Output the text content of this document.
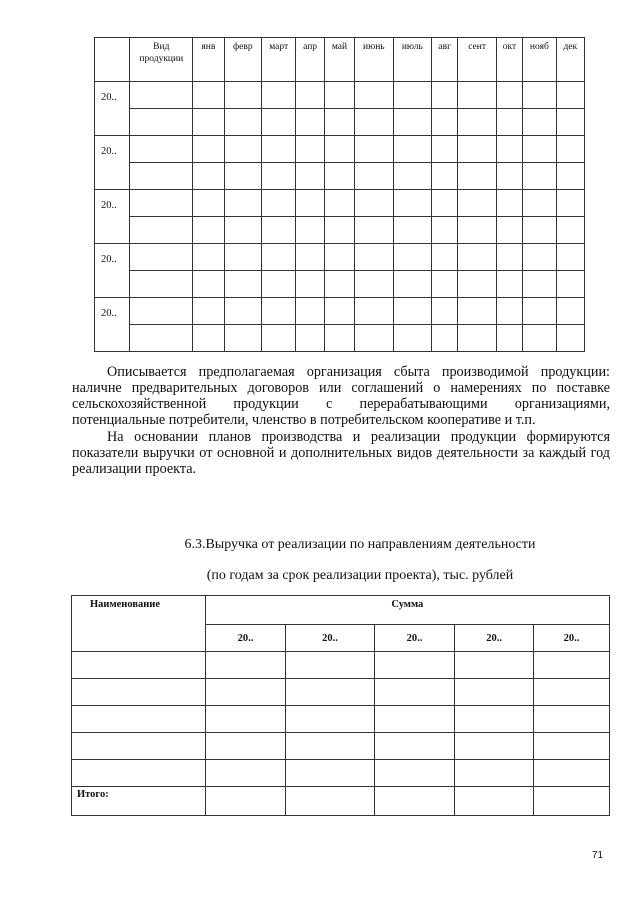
	Вид продукции	янв	февр	март	апр	май	июнь	июль	авг	сент	окт	нояб	дек
20..													

20..													

20..													

20..													

20..													

Описывается предполагаемая организация сбыта производимой продукции: наличне предварительных договоров или соглашений о намерениях по поставке сельскохозяйственной продукции с перерабатывающими организациями, потенциальные потребители, членство в потребительском кооперативе и т.п.

На основании планов производства и реализации продукции формируются показатели выручки от основной и дополнительных видов деятельности за каждый год реализации проекта.

6.3.Выручка от реализации по направлениям деятельности

(по годам за срок реализации проекта), тыс. рублей

Наименование	Сумма				
	20..	20..	20..	20..	20..

Итого:					
71
